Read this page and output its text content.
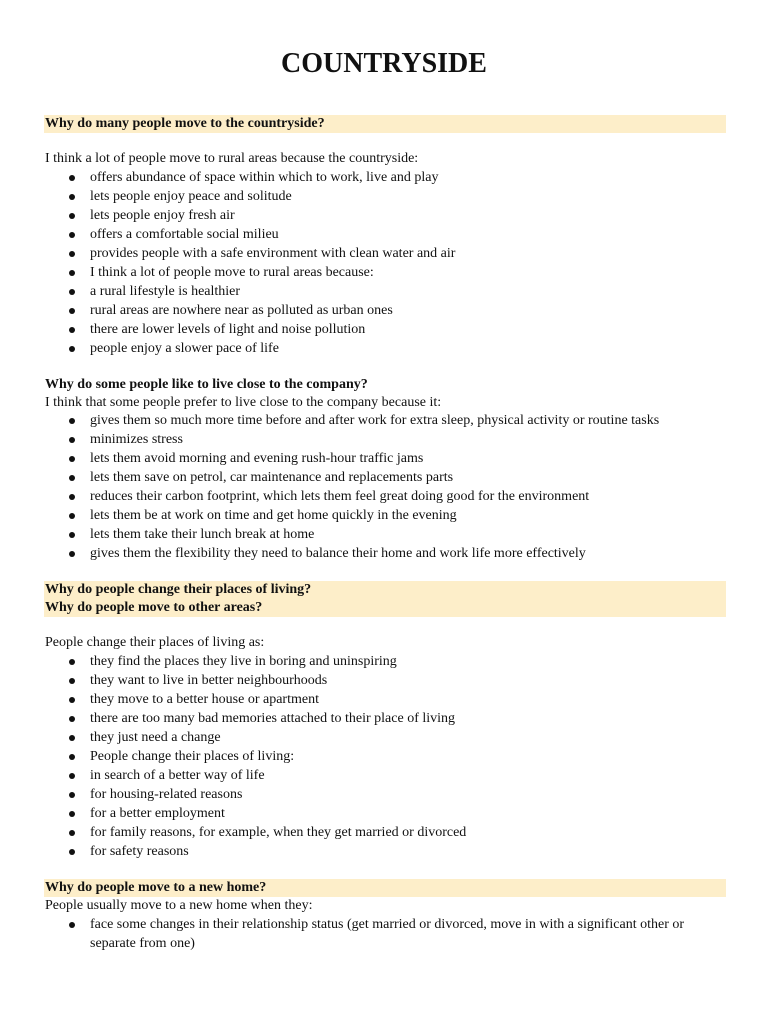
COUNTRYSIDE
Why do many people move to the countryside?
I think a lot of people move to rural areas because the countryside:
offers abundance of space within which to work, live and play
lets people enjoy peace and solitude
lets people enjoy fresh air
offers a comfortable social milieu
provides people with a safe environment with clean water and air
I think a lot of people move to rural areas because:
a rural lifestyle is healthier
rural areas are nowhere near as polluted as urban ones
there are lower levels of light and noise pollution
people enjoy a slower pace of life
Why do some people like to live close to the company?
I think that some people prefer to live close to the company because it:
gives them so much more time before and after work for extra sleep, physical activity or routine tasks
minimizes stress
lets them avoid morning and evening rush-hour traffic jams
lets them save on petrol, car maintenance and replacements parts
reduces their carbon footprint, which lets them feel great doing good for the environment
lets them be at work on time and get home quickly in the evening
lets them take their lunch break at home
gives them the flexibility they need to balance their home and work life more effectively
Why do people change their places of living?
Why do people move to other areas?
People change their places of living as:
they find the places they live in boring and uninspiring
they want to live in better neighbourhoods
they move to a better house or apartment
there are too many bad memories attached to their place of living
they just need a change
People change their places of living:
in search of a better way of life
for housing-related reasons
for a better employment
for family reasons, for example, when they get married or divorced
for safety reasons
Why do people move to a new home?
People usually move to a new home when they:
face some changes in their relationship status (get married or divorced, move in with a significant other or separate from one)
